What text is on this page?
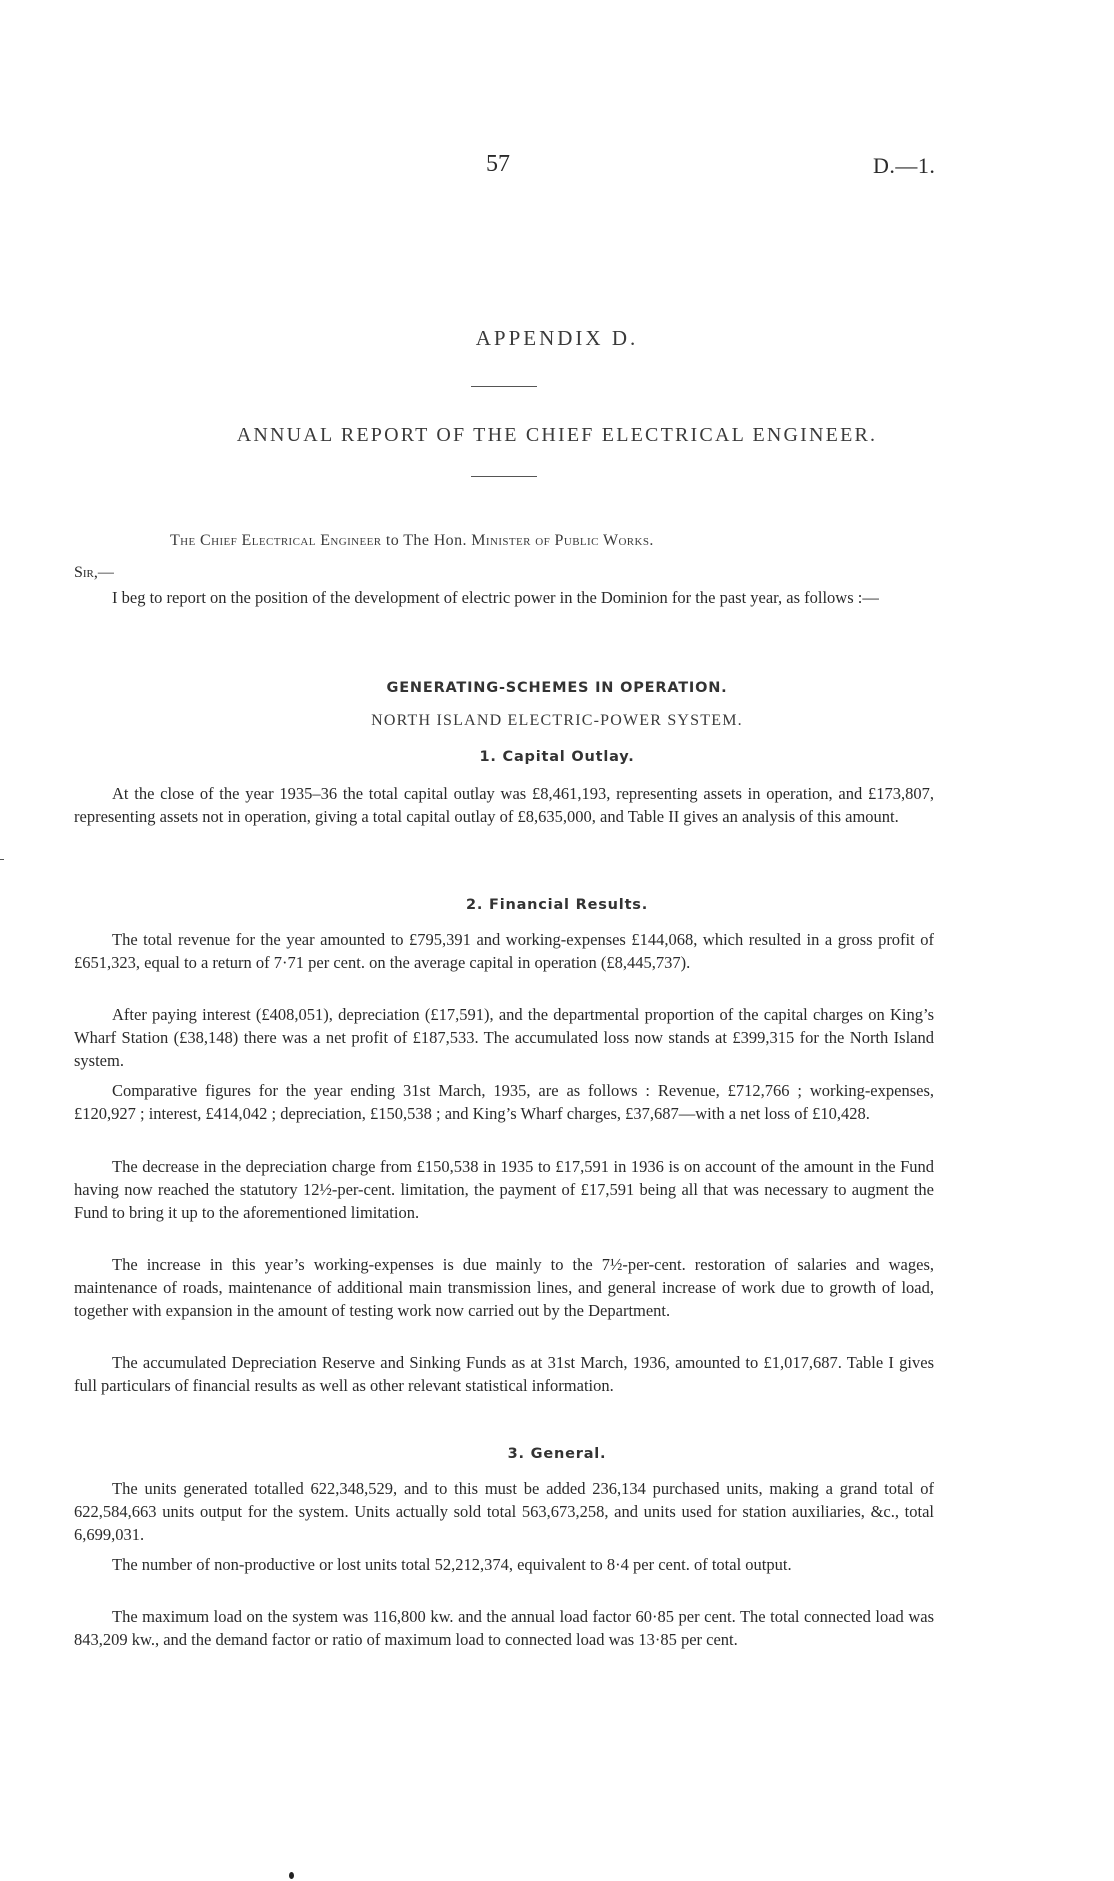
57	D.—1.
APPENDIX D.
ANNUAL REPORT OF THE CHIEF ELECTRICAL ENGINEER.
The Chief Electrical Engineer to The Hon. Minister of Public Works.
Sir,—

I beg to report on the position of the development of electric power in the Dominion for the past year, as follows :—

GENERATING-SCHEMES IN OPERATION.
NORTH ISLAND ELECTRIC-POWER SYSTEM.
1. Capital Outlay.

At the close of the year 1935–36 the total capital outlay was £8,461,193, representing assets in operation, and £173,807, representing assets not in operation, giving a total capital outlay of £8,635,000, and Table II gives an analysis of this amount.

2. Financial Results.

The total revenue for the year amounted to £795,391 and working-expenses £144,068, which resulted in a gross profit of £651,323, equal to a return of 7·71 per cent. on the average capital in operation (£8,445,737).

After paying interest (£408,051), depreciation (£17,591), and the departmental proportion of the capital charges on King’s Wharf Station (£38,148) there was a net profit of £187,533. The accumulated loss now stands at £399,315 for the North Island system.

Comparative figures for the year ending 31st March, 1935, are as follows : Revenue, £712,766 ; working-expenses, £120,927 ; interest, £414,042 ; depreciation, £150,538 ; and King’s Wharf charges, £37,687—with a net loss of £10,428.

The decrease in the depreciation charge from £150,538 in 1935 to £17,591 in 1936 is on account of the amount in the Fund having now reached the statutory 12½-per-cent. limitation, the payment of £17,591 being all that was necessary to augment the Fund to bring it up to the aforementioned limitation.

The increase in this year’s working-expenses is due mainly to the 7½-per-cent. restoration of salaries and wages, maintenance of roads, maintenance of additional main transmission lines, and general increase of work due to growth of load, together with expansion in the amount of testing work now carried out by the Department.

The accumulated Depreciation Reserve and Sinking Funds as at 31st March, 1936, amounted to £1,017,687. Table I gives full particulars of financial results as well as other relevant statistical information.

3. General.

The units generated totalled 622,348,529, and to this must be added 236,134 purchased units, making a grand total of 622,584,663 units output for the system. Units actually sold total 563,673,258, and units used for station auxiliaries, &c., total 6,699,031.

The number of non-productive or lost units total 52,212,374, equivalent to 8·4 per cent. of total output.

The maximum load on the system was 116,800 kw. and the annual load factor 60·85 per cent. The total connected load was 843,209 kw., and the demand factor or ratio of maximum load to connected load was 13·85 per cent.
